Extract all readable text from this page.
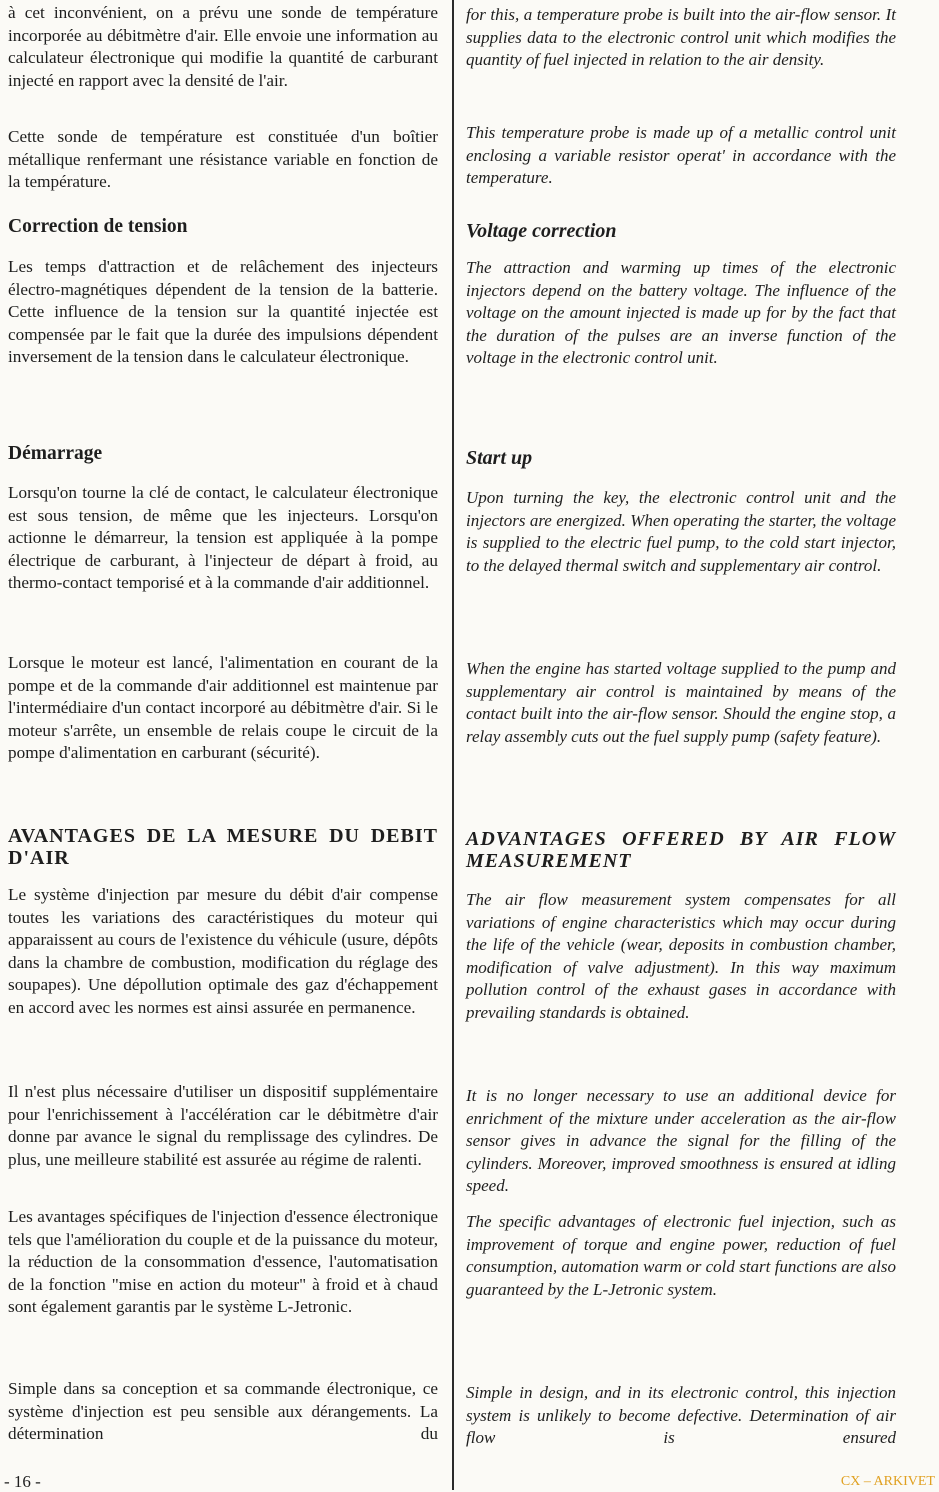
à cet inconvénient, on a prévu une sonde de température incorporée au débitmètre d'air. Elle envoie une information au calculateur électronique qui modifie la quantité de carburant injecté en rapport avec la densité de l'air.

Cette sonde de température est constituée d'un boîtier métallique renfermant une résistance variable en fonction de la température.

Correction de tension

Les temps d'attraction et de relâchement des injecteurs électro-magnétiques dépendent de la tension de la batterie. Cette influence de la tension sur la quantité injectée est compensée par le fait que la durée des impulsions dépendent inversement de la tension dans le calculateur électronique.

Démarrage

Lorsqu'on tourne la clé de contact, le calculateur électronique est sous tension, de même que les injecteurs. Lorsqu'on actionne le démarreur, la tension est appliquée à la pompe électrique de carburant, à l'injecteur de départ à froid, au thermo-contact temporisé et à la commande d'air additionnel.

Lorsque le moteur est lancé, l'alimentation en courant de la pompe et de la commande d'air additionnel est maintenue par l'intermédiaire d'un contact incorporé au débitmètre d'air. Si le moteur s'arrête, un ensemble de relais coupe le circuit de la pompe d'alimentation en carburant (sécurité).

AVANTAGES DE LA MESURE DU DEBIT D'AIR

Le système d'injection par mesure du débit d'air compense toutes les variations des caractéristiques du moteur qui apparaissent au cours de l'existence du véhicule (usure, dépôts dans la chambre de combustion, modification du réglage des soupapes). Une dépollution optimale des gaz d'échappement en accord avec les normes est ainsi assurée en permanence.

Il n'est plus nécessaire d'utiliser un dispositif supplémentaire pour l'enrichissement à l'accélération car le débitmètre d'air donne par avance le signal du remplissage des cylindres. De plus, une meilleure stabilité est assurée au régime de ralenti.

Les avantages spécifiques de l'injection d'essence électronique tels que l'amélioration du couple et de la puissance du moteur, la réduction de la consommation d'essence, l'automatisation de la fonction "mise en action du moteur" à froid et à chaud sont également garantis par le système L-Jetronic.

Simple dans sa conception et sa commande électronique, ce système d'injection est peu sensible aux dérangements. La détermination du

for this, a temperature probe is built into the air-flow sensor. It supplies data to the electronic control unit which modifies the quantity of fuel injected in relation to the air density.

This temperature probe is made up of a metallic control unit enclosing a variable resistor operat' in accordance with the temperature.

Voltage correction

The attraction and warming up times of the electronic injectors depend on the battery voltage. The influence of the voltage on the amount injected is made up for by the fact that the duration of the pulses are an inverse function of the voltage in the electronic control unit.

Start up

Upon turning the key, the electronic control unit and the injectors are energized. When operating the starter, the voltage is supplied to the electric fuel pump, to the cold start injector, to the delayed thermal switch and supplementary air control.

When the engine has started voltage supplied to the pump and supplementary air control is maintained by means of the contact built into the air-flow sensor. Should the engine stop, a relay assembly cuts out the fuel supply pump (safety feature).

ADVANTAGES OFFERED BY AIR FLOW MEASUREMENT

The air flow measurement system compensates for all variations of engine characteristics which may occur during the life of the vehicle (wear, deposits in combustion chamber, modification of valve adjustment). In this way maximum pollution control of the exhaust gases in accordance with prevailing standards is obtained.

It is no longer necessary to use an additional device for enrichment of the mixture under acceleration as the air-flow sensor gives in advance the signal for the filling of the cylinders. Moreover, improved smoothness is ensured at idling speed.

The specific advantages of electronic fuel injection, such as improvement of torque and engine power, reduction of fuel consumption, automation warm or cold start functions are also guaranteed by the L-Jetronic system.

Simple in design, and in its electronic control, this injection system is unlikely to become defective. Determination of air flow is ensured

- 16 -	CX – ARKIVET
